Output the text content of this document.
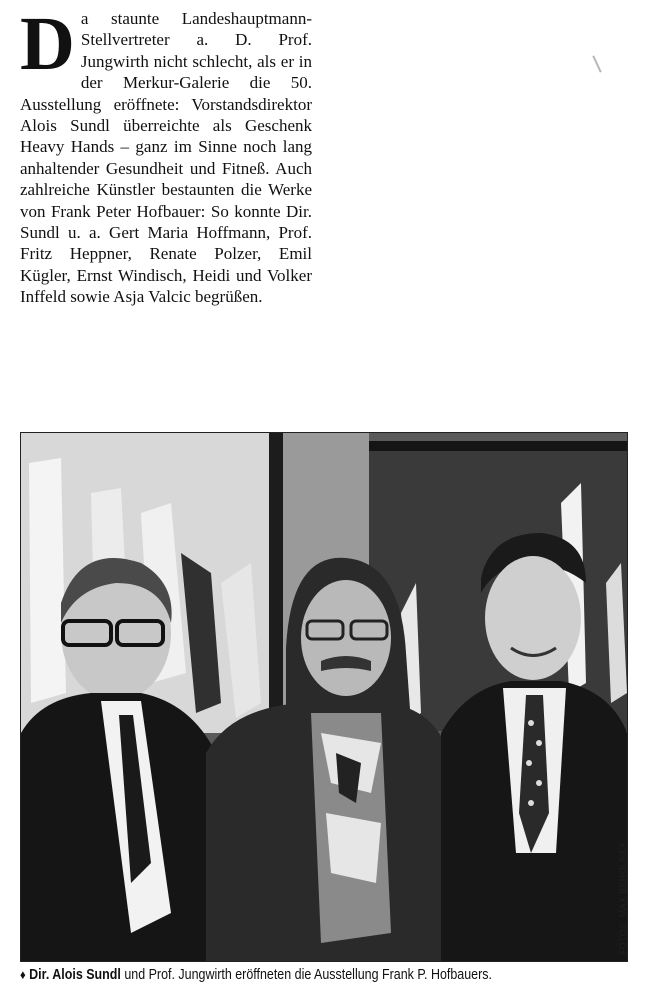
D a staunte Landeshauptmann-Stellvertreter a. D. Prof. Jungwirth nicht schlecht, als er in der Merkur-Galerie die 50. Ausstellung eröffnete: Vorstandsdirektor Alois Sundl überreichte als Geschenk Heavy Hands – ganz im Sinne noch lang anhaltender Gesundheit und Fitneß. Auch zahlreiche Künstler bestaunten die Werke von Frank Peter Hofbauer: So konnte Dir. Sundl u. a. Gert Maria Hoffmann, Prof. Fritz Heppner, Renate Polzer, Emil Kügler, Ernst Windisch, Heidi und Volker Inffeld sowie Asja Valcic begrüßen.

FOTOS: MAX BEHOUNEK
♦ Dir. Alois Sundl und Prof. Jungwirth eröffneten die Ausstellung Frank P. Hofbauers.
